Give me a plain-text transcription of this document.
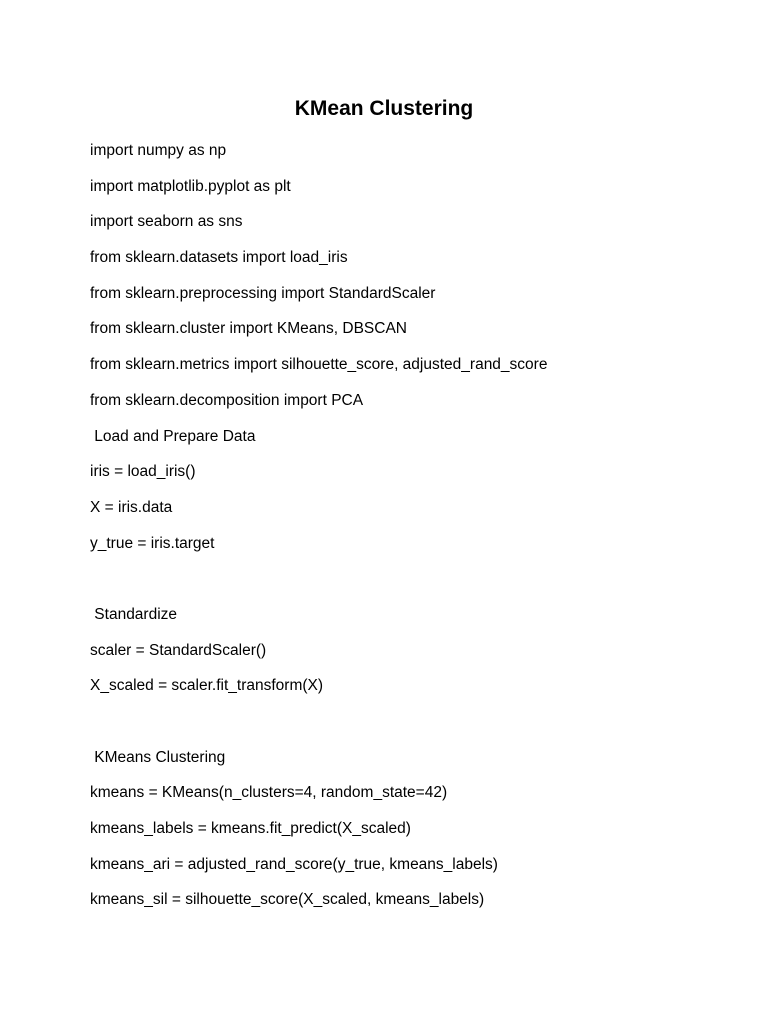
KMean Clustering

import numpy as np

import matplotlib.pyplot as plt

import seaborn as sns

from sklearn.datasets import load_iris

from sklearn.preprocessing import StandardScaler

from sklearn.cluster import KMeans, DBSCAN

from sklearn.metrics import silhouette_score, adjusted_rand_score

from sklearn.decomposition import PCA

Load and Prepare Data

iris = load_iris()

X = iris.data

y_true = iris.target

Standardize

scaler = StandardScaler()

X_scaled = scaler.fit_transform(X)

KMeans Clustering

kmeans = KMeans(n_clusters=4, random_state=42)

kmeans_labels = kmeans.fit_predict(X_scaled)

kmeans_ari = adjusted_rand_score(y_true, kmeans_labels)

kmeans_sil = silhouette_score(X_scaled, kmeans_labels)
